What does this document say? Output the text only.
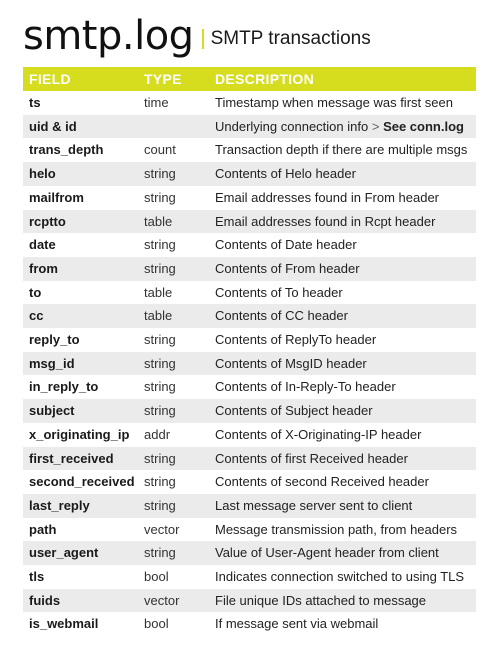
smtp.log SMTP transactions
FIELD	TYPE	DESCRIPTION
ts	time	Timestamp when message was first seen
uid & id		Underlying connection info > See conn.log
trans_depth	count	Transaction depth if there are multiple msgs
helo	string	Contents of Helo header
mailfrom	string	Email addresses found in From header
rcptto	table	Email addresses found in Rcpt header
date	string	Contents of Date header
from	string	Contents of From header
to	table	Contents of To header
cc	table	Contents of CC header
reply_to	string	Contents of ReplyTo header
msg_id	string	Contents of MsgID header
in_reply_to	string	Contents of In-Reply-To header
subject	string	Contents of Subject header
x_originating_ip	addr	Contents of X-Originating-IP header
first_received	string	Contents of first Received header
second_received	string	Contents of second Received header
last_reply	string	Last message server sent to client
path	vector	Message transmission path, from headers
user_agent	string	Value of User-Agent header from client
tls	bool	Indicates connection switched to using TLS
fuids	vector	File unique IDs attached to message
is_webmail	bool	If message sent via webmail
